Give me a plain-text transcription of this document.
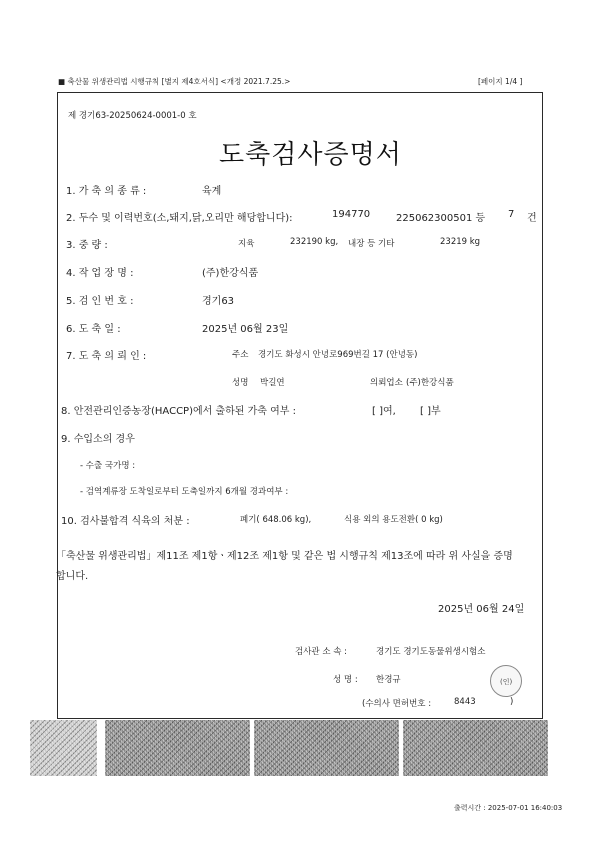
■ 축산물 위생관리법 시행규칙 [별지 제4호서식] <개정 2021.7.25.>	[페이지 1/4 ]
제 경기63-20250624-0001-0 호
도축검사증명서
1. 가 축 의 종 류 :	육계
2. 두수 및 이력번호(소,돼지,닭,오리만 해당합니다):	194770	225062300501 등 7 건
3. 중 량 :	지육	232190 kg, 내장 등 기타	23219 kg
4. 작 업 장 명 :	(주)한강식품
5. 검 인 번 호 :	경기63
6. 도 축 일 :	2025년 06월 23일
7. 도 축 의 뢰 인 :	주소 경기도 화성시 안녕로969번길 17 (안녕동)
성명 박길연	의뢰업소 (주)한강식품
8. 안전관리인증농장(HACCP)에서 출하된 가축 여부 :	[ ]여, [ ]부
9. 수입소의 경우
- 수출 국가명 :
- 검역계류장 도착일로부터 도축일까지 6개월 경과여부 :
10. 검사불합격 식육의 처분 :	폐기( 648.06 kg),	식용 외의 용도전환( 0 kg)
「축산물 위생관리법」제11조 제1항ㆍ제12조 제1항 및 같은 법 시행규칙 제13조에 따라 위 사실을 증명
합니다.
2025년 06월 24일
검사관 소 속 :	경기도 경기도동물위생시험소
성 명 : 한경규	(인)
(수의사 면허번호 :	8443	)
출력시간 : 2025-07-01 16:40:03
